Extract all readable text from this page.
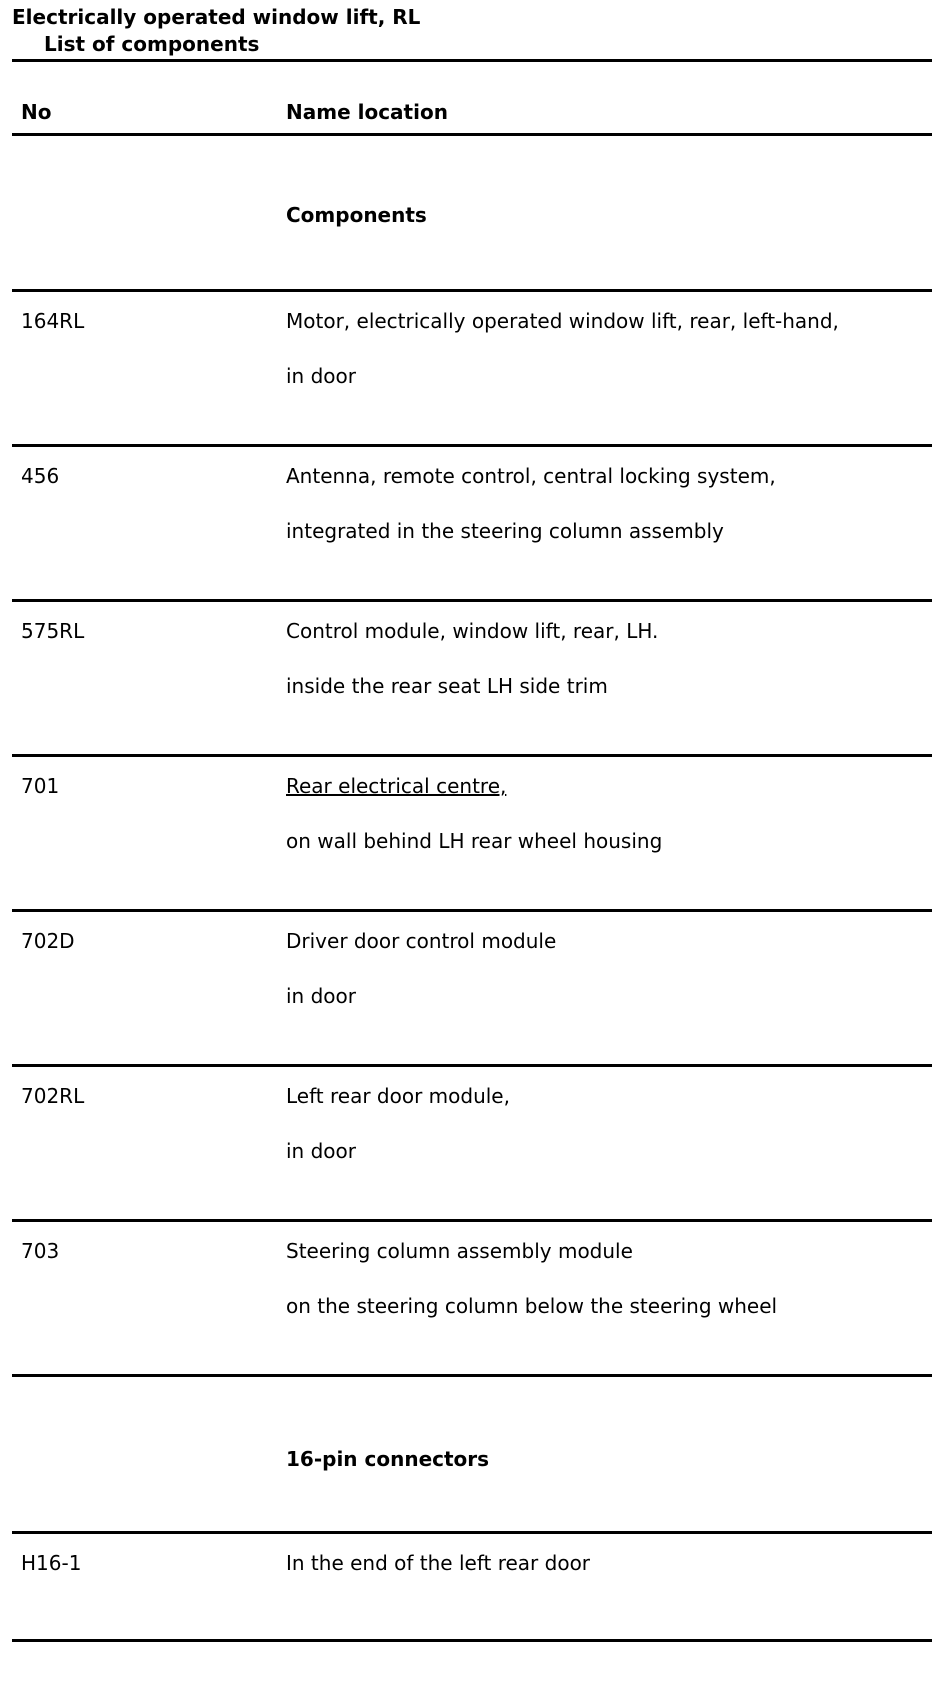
Electrically operated window lift, RL
List of components
No	Name location
Components
164RL	Motor, electrically operated window lift, rear, left-hand,
in door
456	Antenna, remote control, central locking system,
integrated in the steering column assembly
575RL	Control module, window lift, rear, LH.
inside the rear seat LH side trim
701	Rear electrical centre,
on wall behind LH rear wheel housing
702D	Driver door control module
in door
702RL	Left rear door module,
in door
703	Steering column assembly module
on the steering column below the steering wheel
16-pin connectors
H16-1	In the end of the left rear door
